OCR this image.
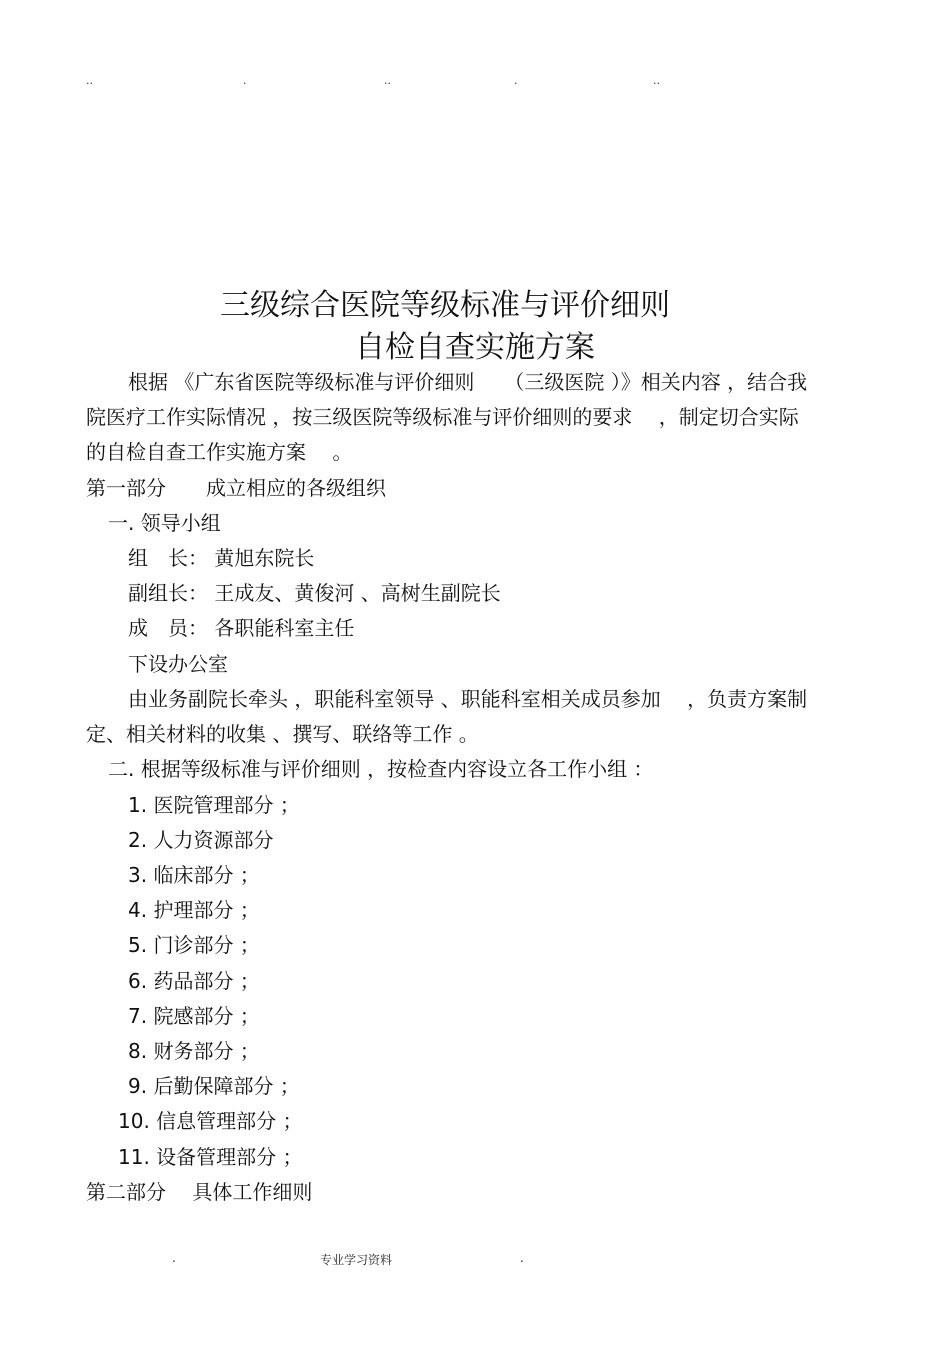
..	.	..	.	..
三级综合医院等级标准与评价细则
自检自查实施方案
根据 《广东省医院等级标准与评价细则　　（三级医院 ）》相关内容 ，结合我
院医疗工作实际情况 ，按三级医院等级标准与评价细则的要求 　，制定切合实际
的自检自查工作实施方案 　。
第一部分　　成立相应的各级组织
一. 领导小组
组　长： 黄旭东院长
副组长： 王成友、黄俊河 、高树生副院长
成　员： 各职能科室主任
下设办公室
由业务副院长牵头 ，职能科室领导 、职能科室相关成员参加 　，负责方案制
定、相关材料的收集 、撰写、联络等工作 。
二. 根据等级标准与评价细则 ，按检查内容设立各工作小组 ：
1. 医院管理部分 ；
2. 人力资源部分
3. 临床部分 ；
4. 护理部分 ；
5. 门诊部分 ；
6. 药品部分 ；
7. 院感部分 ；
8. 财务部分 ；
9. 后勤保障部分 ；
10. 信息管理部分 ；
11. 设备管理部分 ；
第二部分　 具体工作细则
.	专业学习资料	.
